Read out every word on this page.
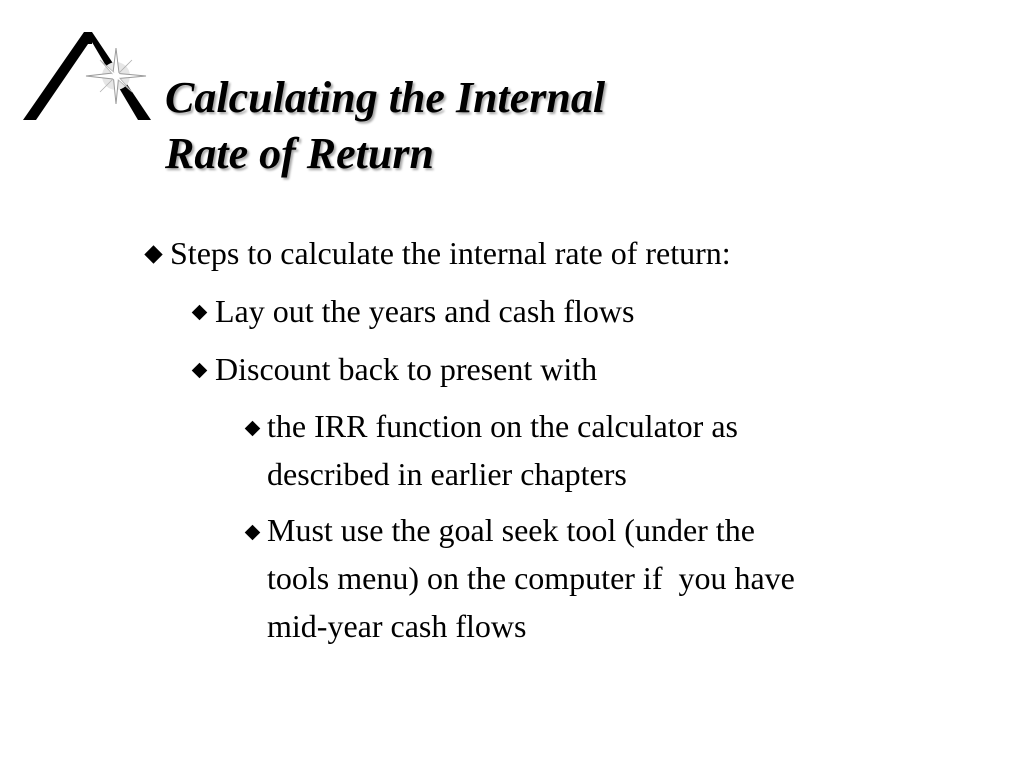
Calculating the Internal
Rate of Return
Steps to calculate the internal rate of return:
Lay out the years and cash flows
Discount back to present with
the IRR function on the calculator as
described in earlier chapters
Must use the goal seek tool (under the
tools menu) on the computer if  you have
mid-year cash flows
